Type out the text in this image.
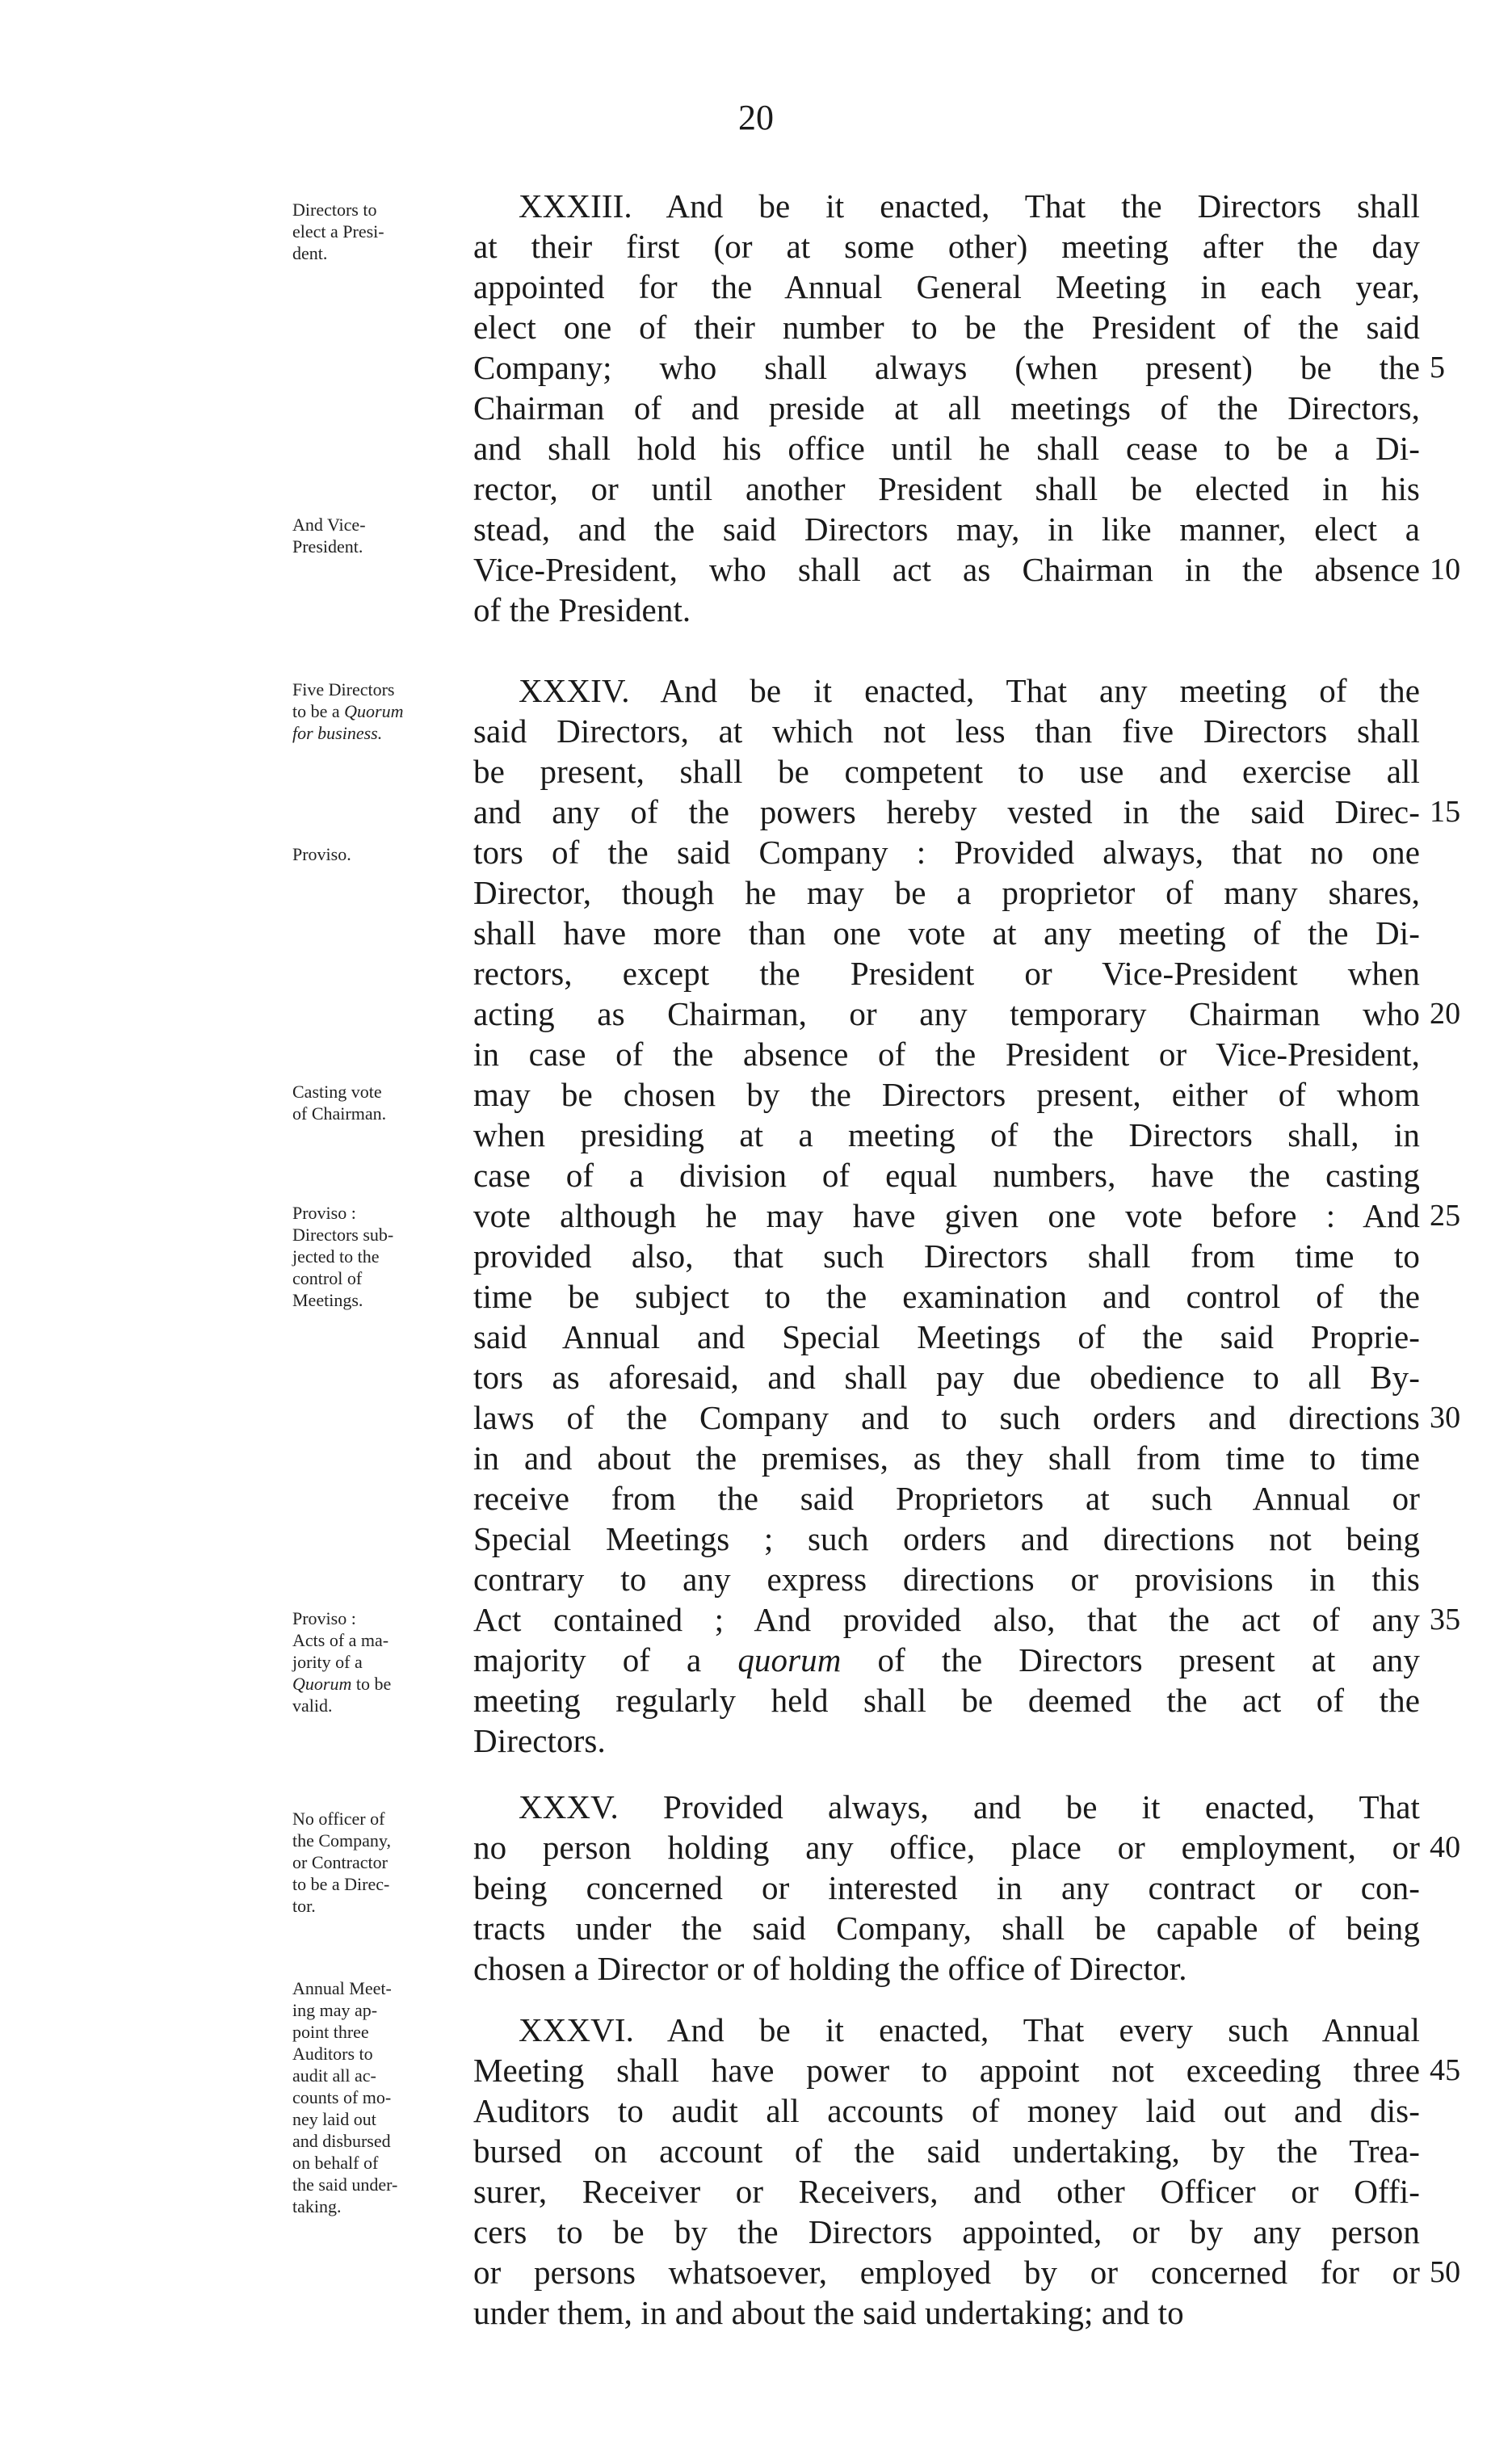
20
Directors to
elect a Presi-
dent.
And Vice-
President.
Five Directors
to be a Quorum
for business.
Proviso.
Casting vote
of Chairman.
Proviso :
Directors sub-
jected to the
control of
Meetings.
Proviso :
Acts of a ma-
jority of a
Quorum to be
valid.
No officer of
the Company,
or Contractor
to be a Direc-
tor.
Annual Meet-
ing may ap-
point three
Auditors to
audit all ac-
counts of mo-
ney laid out
and disbursed
on behalf of
the said under-
taking.
XXXIII. And be it enacted, That the Directors shall
at their first (or at some other) meeting after the day
appointed for the Annual General Meeting in each year,
elect one of their number to be the President of the said
Company; who shall always (when present) be the 5
Chairman of and preside at all meetings of the Directors,
and shall hold his office until he shall cease to be a Di-
rector, or until another President shall be elected in his
stead, and the said Directors may, in like manner, elect a
Vice-President, who shall act as Chairman in the absence 10
of the President.
XXXIV. And be it enacted, That any meeting of the
said Directors, at which not less than five Directors shall
be present, shall be competent to use and exercise all
and any of the powers hereby vested in the said Direc- 15
tors of the said Company : Provided always, that no one
Director, though he may be a proprietor of many shares,
shall have more than one vote at any meeting of the Di-
rectors, except the President or Vice-President when
acting as Chairman, or any temporary Chairman who 20
in case of the absence of the President or Vice-President,
may be chosen by the Directors present, either of whom
when presiding at a meeting of the Directors shall, in
case of a division of equal numbers, have the casting
vote although he may have given one vote before : And 25
provided also, that such Directors shall from time to
time be subject to the examination and control of the
said Annual and Special Meetings of the said Proprie-
tors as aforesaid, and shall pay due obedience to all By-
laws of the Company and to such orders and directions 30
in and about the premises, as they shall from time to time
receive from the said Proprietors at such Annual or
Special Meetings ; such orders and directions not being
contrary to any express directions or provisions in this
Act contained ; And provided also, that the act of any 35
majority of a quorum of the Directors present at any
meeting regularly held shall be deemed the act of the
Directors.
XXXV. Provided always, and be it enacted, That
no person holding any office, place or employment, or 40
being concerned or interested in any contract or con-
tracts under the said Company, shall be capable of being
chosen a Director or of holding the office of Director.
XXXVI. And be it enacted, That every such Annual
Meeting shall have power to appoint not exceeding three 45
Auditors to audit all accounts of money laid out and dis-
bursed on account of the said undertaking, by the Trea-
surer, Receiver or Receivers, and other Officer or Offi-
cers to be by the Directors appointed, or by any person
or persons whatsoever, employed by or concerned for or 50
under them, in and about the said undertaking; and to
